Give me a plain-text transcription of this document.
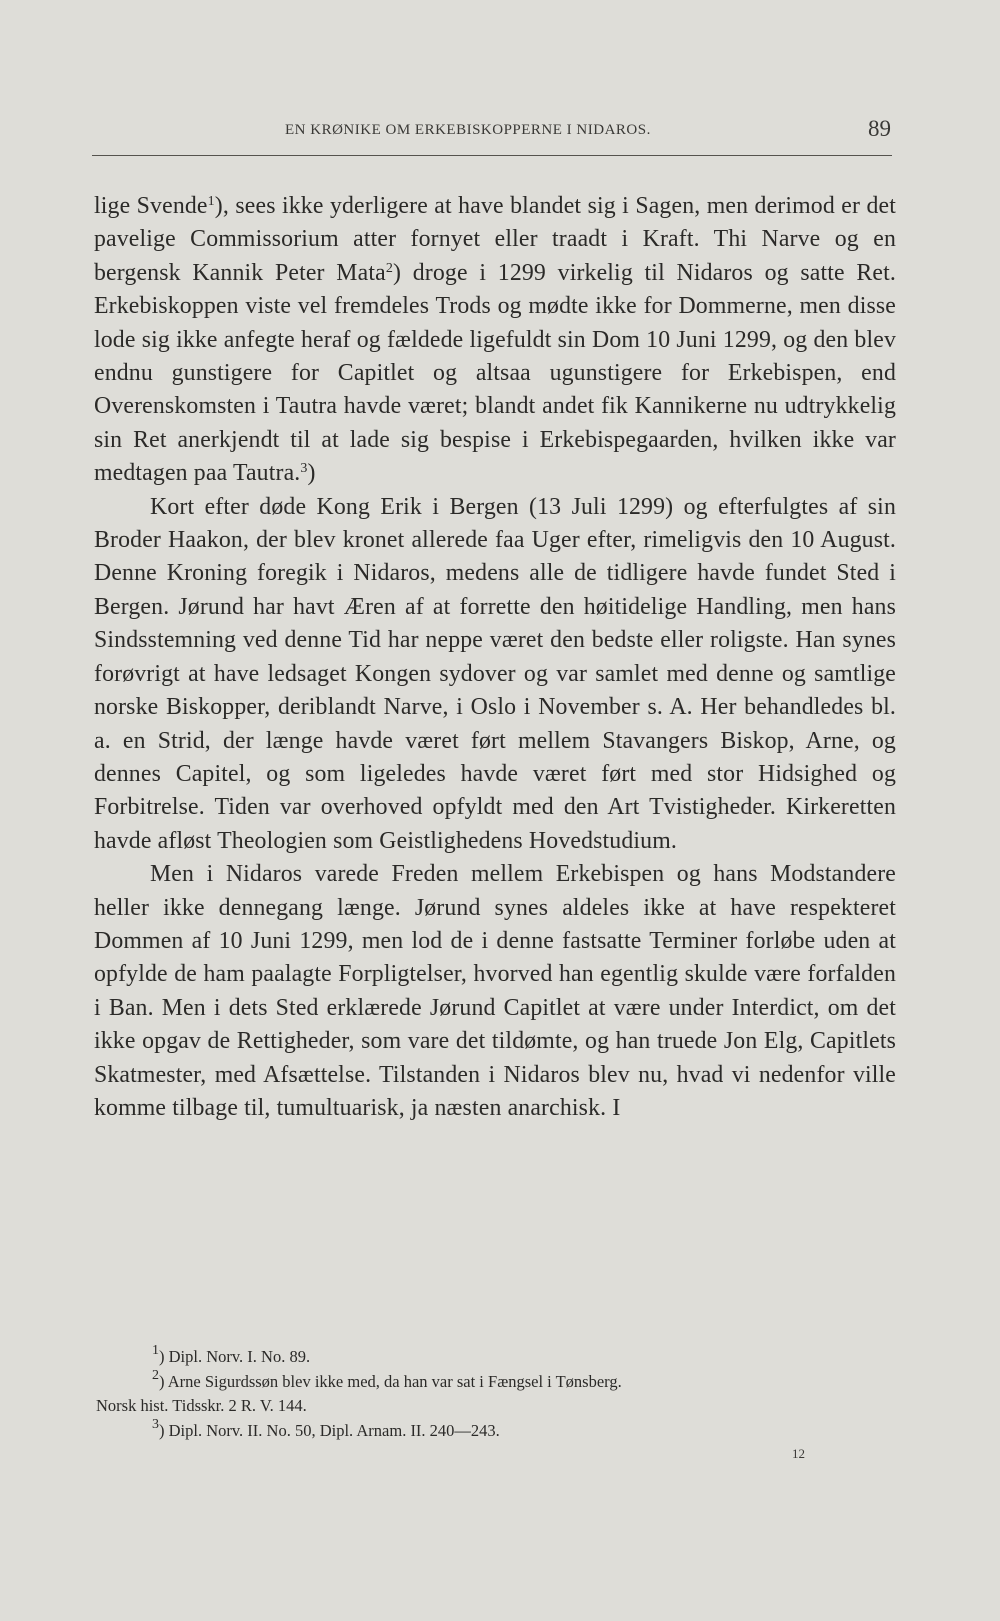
EN KRØNIKE OM ERKEBISKOPPERNE I NIDAROS.	89

lige Svende$^1$), sees ikke yderligere at have blandet sig i Sagen, men derimod er det pavelige Commissorium atter fornyet eller traadt i Kraft. Thi Narve og en bergensk Kannik Peter Mata$^2$) droge i 1299 virkelig til Nidaros og satte Ret. Erkebiskoppen viste vel fremdeles Trods og mødte ikke for Dommerne, men disse lode sig ikke anfegte heraf og fældede ligefuldt sin Dom 10 Juni 1299, og den blev endnu gunstigere for Capitlet og altsaa ugunstigere for Erkebispen, end Overenskomsten i Tautra havde været; blandt andet fik Kannikerne nu udtrykkelig sin Ret anerkjendt til at lade sig bespise i Erkebispegaarden, hvilken ikke var medtagen paa Tautra.$^3$)

Kort efter døde Kong Erik i Bergen (13 Juli 1299) og efterfulgtes af sin Broder Haakon, der blev kronet allerede faa Uger efter, rimeligvis den 10 August. Denne Kroning foregik i Nidaros, medens alle de tidligere havde fundet Sted i Bergen. Jørund har havt Æren af at forrette den høitidelige Handling, men hans Sindsstemning ved denne Tid har neppe været den bedste eller roligste. Han synes forøvrigt at have ledsaget Kongen sydover og var samlet med denne og samtlige norske Biskopper, deriblandt Narve, i Oslo i November s. A. Her behandledes bl. a. en Strid, der længe havde været ført mellem Stavangers Biskop, Arne, og dennes Capitel, og som ligeledes havde været ført med stor Hidsighed og Forbitrelse. Tiden var overhoved opfyldt med den Art Tvistigheder. Kirkeretten havde afløst Theologien som Geistlighedens Hovedstudium.

Men i Nidaros varede Freden mellem Erkebispen og hans Modstandere heller ikke dennegang længe. Jørund synes aldeles ikke at have respekteret Dommen af 10 Juni 1299, men lod de i denne fastsatte Terminer forløbe uden at opfylde de ham paalagte Forpligtelser, hvorved han egentlig skulde være forfalden i Ban. Men i dets Sted erklærede Jørund Capitlet at være under Interdict, om det ikke opgav de Rettigheder, som vare det tildømte, og han truede Jon Elg, Capitlets Skatmester, med Afsættelse. Tilstanden i Nidaros blev nu, hvad vi nedenfor ville komme tilbage til, tumultuarisk, ja næsten anarchisk. I

$^1$) Dipl. Norv. I. No. 89.

$^2$) Arne Sigurdssøn blev ikke med, da han var sat i Fængsel i Tønsberg.

Norsk hist. Tidsskr. 2 R. V. 144.

$^3$) Dipl. Norv. II. No. 50, Dipl. Arnam. II. 240—243.

12
